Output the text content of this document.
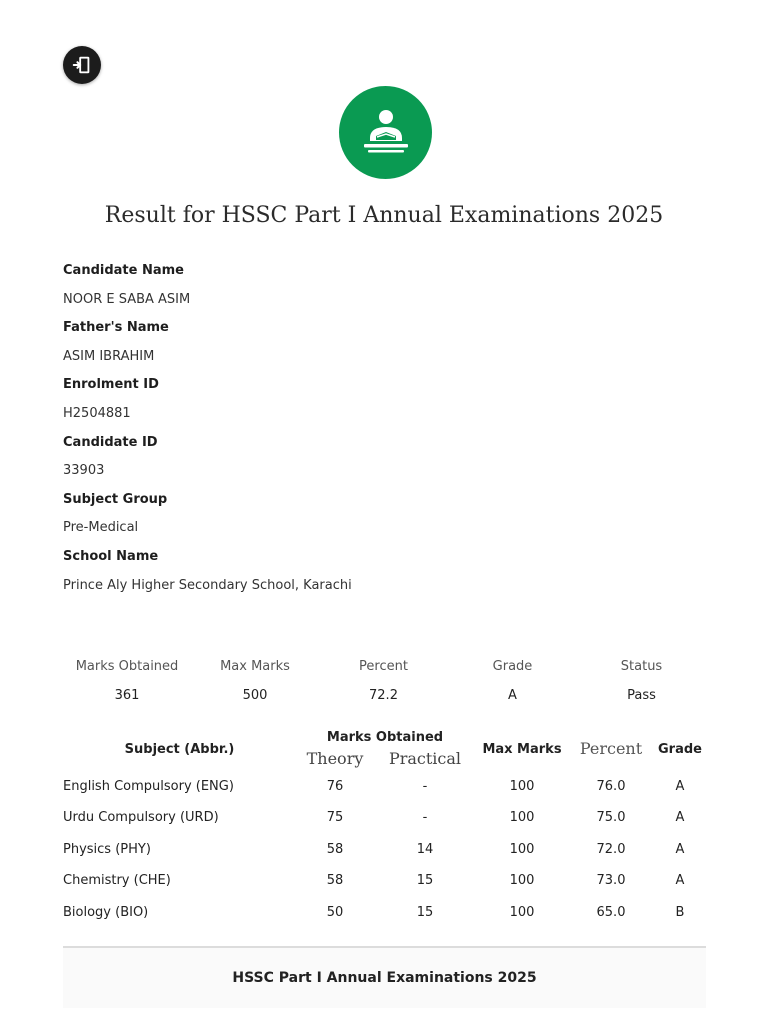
Result for HSSC Part I Annual Examinations 2025
Candidate Name
NOOR E SABA ASIM
Father's Name
ASIM IBRAHIM
Enrolment ID
H2504881
Candidate ID
33903
Subject Group
Pre-Medical
School Name
Prince Aly Higher Secondary School, Karachi
Marks Obtained	Max Marks	Percent	Grade	Status
361	500	72.2	A	Pass
Subject (Abbr.)
Marks Obtained
Theory	Practical	Max Marks	Percent	Grade
English Compulsory (ENG)	76	-	100	76.0	A
Urdu Compulsory (URD)	75	-	100	75.0	A
Physics (PHY)	58	14	100	72.0	A
Chemistry (CHE)	58	15	100	73.0	A
Biology (BIO)	50	15	100	65.0	B
HSSC Part I Annual Examinations 2025
